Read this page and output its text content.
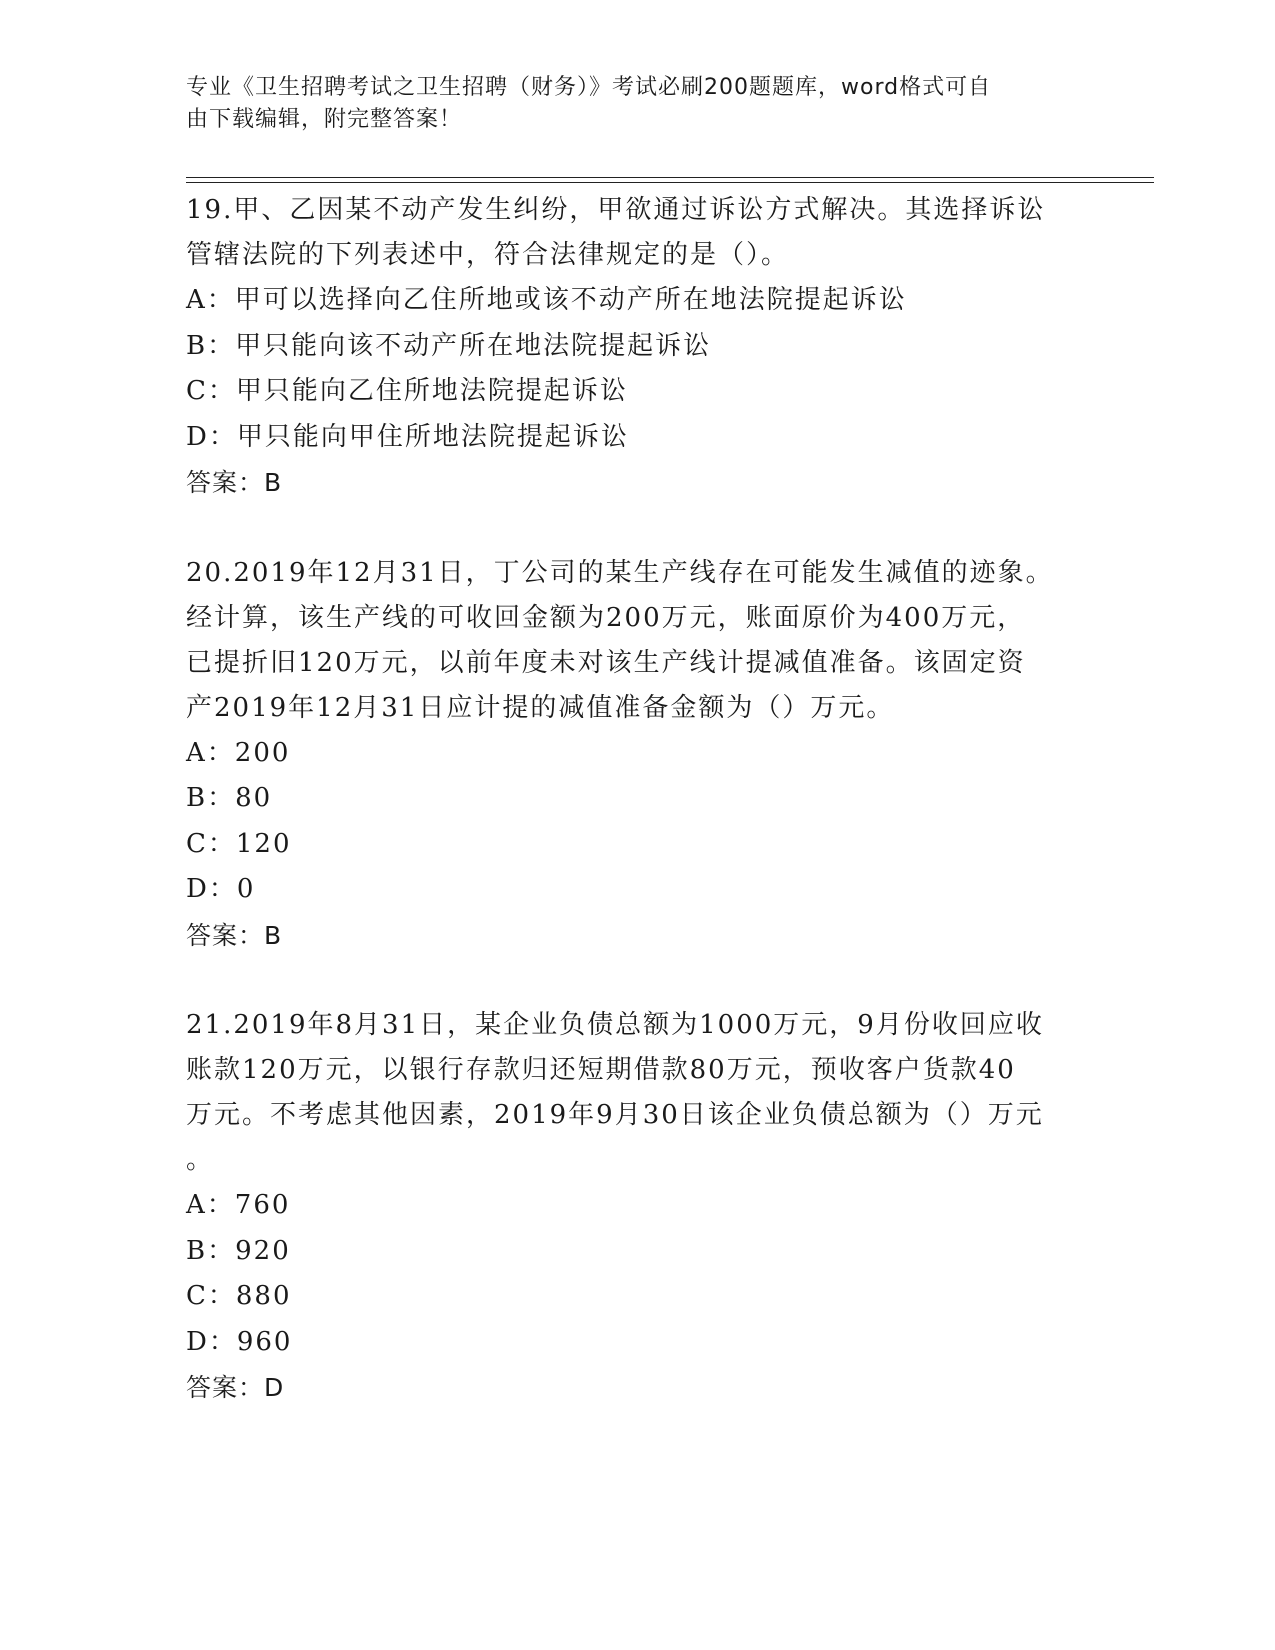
专业《卫生招聘考试之卫生招聘（财务）》考试必刷200题题库，word格式可自
由下载编辑，附完整答案！
19.甲、乙因某不动产发生纠纷，甲欲通过诉讼方式解决。其选择诉讼
管辖法院的下列表述中，符合法律规定的是（）。
A：甲可以选择向乙住所地或该不动产所在地法院提起诉讼
B：甲只能向该不动产所在地法院提起诉讼
C：甲只能向乙住所地法院提起诉讼
D：甲只能向甲住所地法院提起诉讼
答案：B
20.2019年12月31日，丁公司的某生产线存在可能发生减值的迹象。
经计算，该生产线的可收回金额为200万元，账面原价为400万元，
已提折旧120万元，以前年度未对该生产线计提减值准备。该固定资
产2019年12月31日应计提的减值准备金额为（）万元。
A：200
B：80
C：120
D：0
答案：B
21.2019年8月31日，某企业负债总额为1000万元，9月份收回应收
账款120万元，以银行存款归还短期借款80万元，预收客户货款40
万元。不考虑其他因素，2019年9月30日该企业负债总额为（）万元
。
A：760
B：920
C：880
D：960
答案：D
